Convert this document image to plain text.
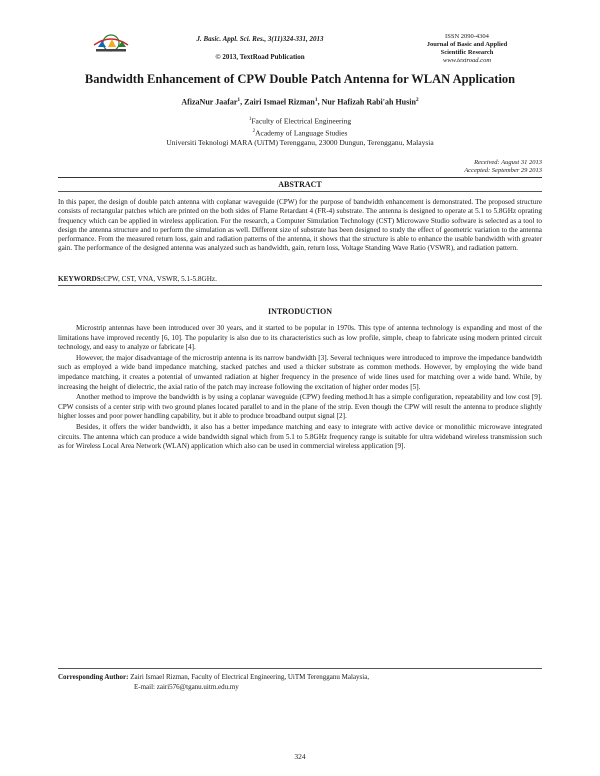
J. Basic. Appl. Sci. Res., 3(11)324-331, 2013
© 2013, TextRoad Publication
ISSN 2090-4304
Journal of Basic and Applied
Scientific Research
www.textroad.com
Bandwidth Enhancement of CPW Double Patch Antenna for WLAN Application
AfizaNur Jaafar$^1$, Zairi Ismael Rizman$^1$, Nur Hafizah Rabi'ah Husin$^2$
$^1$Faculty of Electrical Engineering
$^2$Academy of Language Studies
Universiti Teknologi MARA (UiTM) Terengganu, 23000 Dungun, Terengganu, Malaysia
Received: August 31 2013
Accepted: September 29 2013
ABSTRACT

In this paper, the design of double patch antenna with coplanar waveguide (CPW) for the purpose of bandwidth enhancement is demonstrated. The proposed structure consists of rectangular patches which are printed on the both sides of Flame Retardant 4 (FR-4) substrate. The antenna is designed to operate at 5.1 to 5.8GHz oprating frequency which can be applied in wireless application. For the research, a Computer Simulation Technology (CST) Microwave Studio software is selected as a tool to design the antenna structure and to perform the simulation as well. Different size of substrate has been designed to study the effect of geometric variation to the antenna performance. From the measured return loss, gain and radiation patterns of the antenna, it shows that the structure is able to enhance the usable bandwidth with greater gain. The performance of the designed antenna was analyzed such as bandwidth, gain, return loss, Voltage Standing Wave Ratio (VSWR), and radiation pattern.

KEYWORDS:CPW, CST, VNA, VSWR, 5.1-5.8GHz.

INTRODUCTION

Microstrip antennas have been introduced over 30 years, and it started to be popular in 1970s. This type of antenna technology is expanding and most of the limitations have improved recently [6, 10]. The popularity is also due to its characteristics such as low profile, simple, cheap to fabricate using modern printed circuit technology, and easy to analyze or fabricate [4].

However, the major disadvantage of the microstrip antenna is its narrow bandwidth [3]. Several techniques were introduced to improve the impedance bandwidth such as employed a wide band impedance matching, stacked patches and used a thicker substrate as common methods. However, by employing the wide band impedance matching, it creates a potential of unwanted radiation at higher frequency in the presence of wide lines used for matching over a wide band. While, by increasing the height of dielectric, the axial ratio of the patch may increase following the excitation of higher order modes [5].

Another method to improve the bandwidth is by using a coplanar waveguide (CPW) feeding method.It has a simple configuration, repeatability and low cost [9]. CPW consists of a center strip with two ground planes located parallel to and in the plane of the strip. Even though the CPW will result the antenna to produce slightly higher losses and poor power handling capability, but it able to produce broadband output signal [2].

Besides, it offers the wider bandwidth, it also has a better impedance matching and easy to integrate with active device or monolithic microwave integrated circuits. The antenna which can produce a wide bandwidth signal which from 5.1 to 5.8GHz frequency range is suitable for ultra wideband wireless transmission such as for Wireless Local Area Network (WLAN) application which also can be used in commercial wireless application [9].

Corresponding Author: Zairi Ismael Rizman, Faculty of Electrical Engineering, UiTM Terengganu Malaysia,
E-mail: zairi576@tganu.uitm.edu.my
324
